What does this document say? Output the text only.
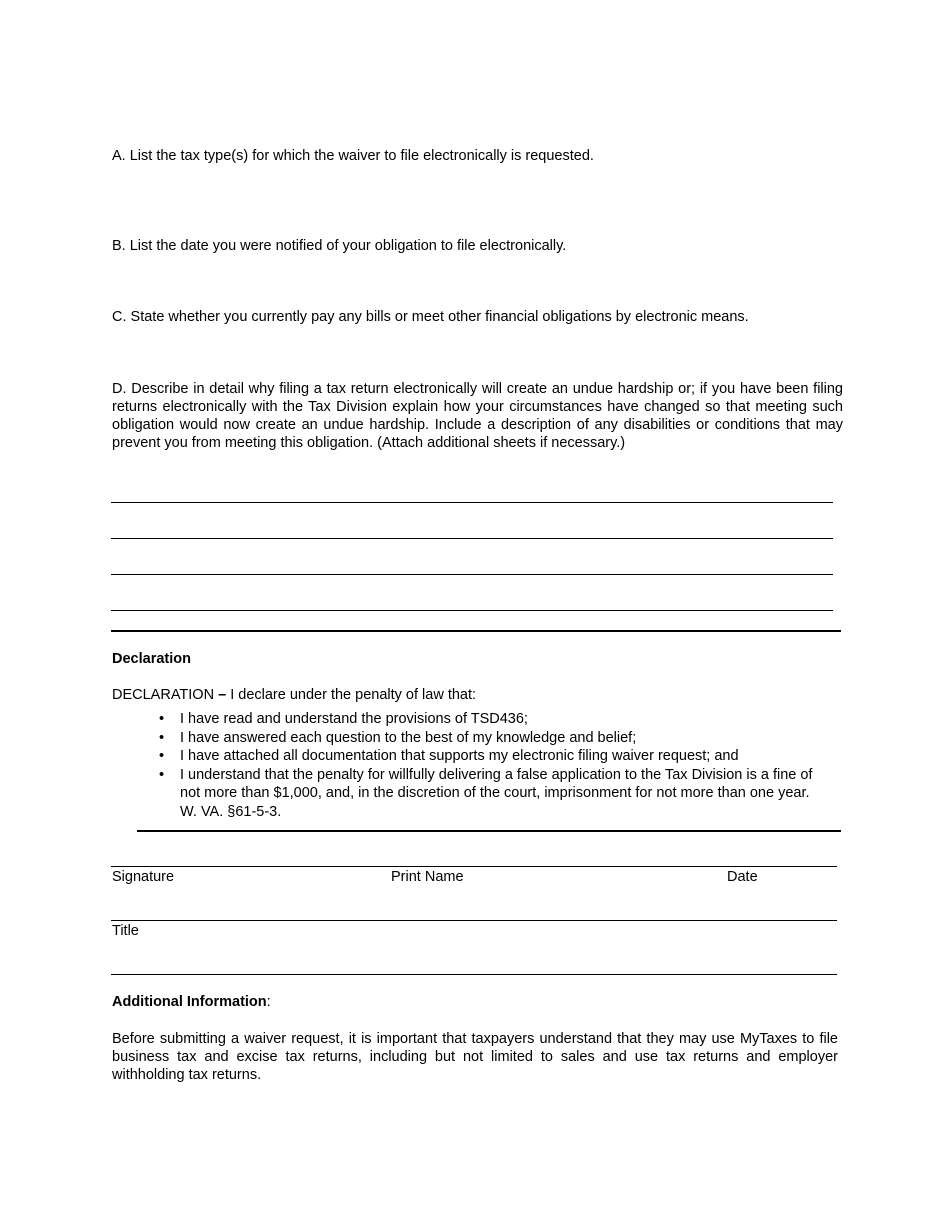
A. List the tax type(s) for which the waiver to file electronically is requested.
B. List the date you were notified of your obligation to file electronically.
C. State whether you currently pay any bills or meet other financial obligations by electronic means.
D. Describe in detail why filing a tax return electronically will create an undue hardship or; if you have been filing returns electronically with the Tax Division explain how your circumstances have changed so that meeting such obligation would now create an undue hardship. Include a description of any disabilities or conditions that may prevent you from meeting this obligation. (Attach additional sheets if necessary.)
Declaration
DECLARATION – I declare under the penalty of law that:
• I have read and understand the provisions of TSD436;
• I have answered each question to the best of my knowledge and belief;
• I have attached all documentation that supports my electronic filing waiver request; and
• I understand that the penalty for willfully delivering a false application to the Tax Division is a fine of not more than $1,000, and, in the discretion of the court, imprisonment for not more than one year. W. VA. §61-5-3.
Signature	Print Name	Date
Title
Additional Information:
Before submitting a waiver request, it is important that taxpayers understand that they may use MyTaxes to file business tax and excise tax returns, including but not limited to sales and use tax returns and employer withholding tax returns.
